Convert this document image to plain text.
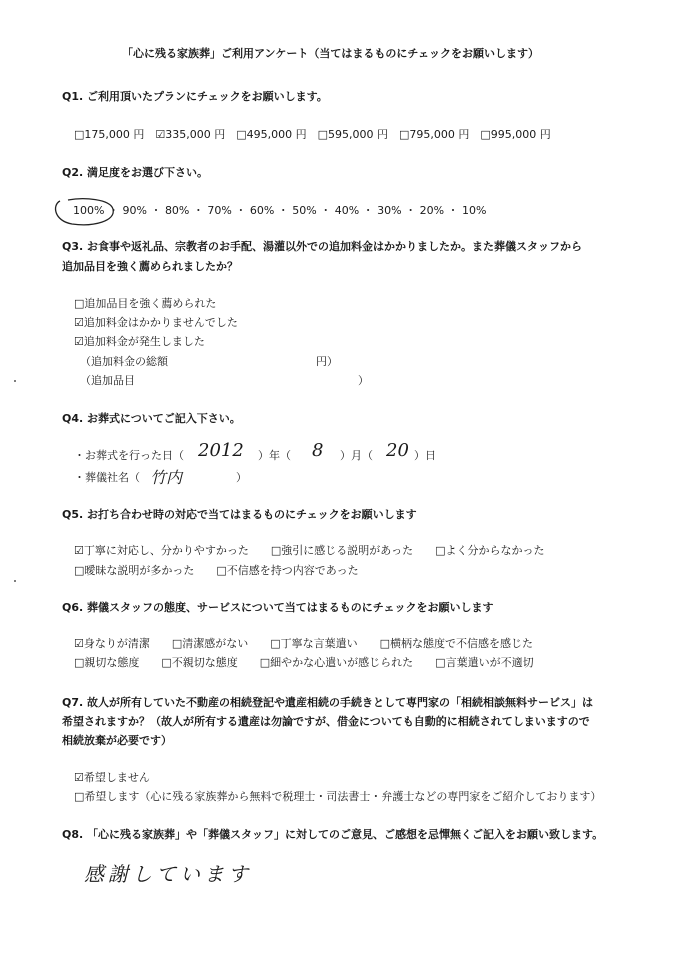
「心に残る家族葬」ご利用アンケート（当てはまるものにチェックをお願いします）
Q1. ご利用頂いたプランにチェックをお願いします。
□175,000 円　☑335,000 円　□495,000 円　□595,000 円　□795,000 円　□995,000 円
Q2. 満足度をお選び下さい。
100% ・ 90% ・ 80% ・ 70% ・ 60% ・ 50% ・ 40% ・ 30% ・ 20% ・ 10%
Q3. お食事や返礼品、宗教者のお手配、湯灌以外での追加料金はかかりましたか。また葬儀スタッフから
追加品目を強く薦められましたか？
□追加品目を強く薦められた
☑追加料金はかかりませんでした
☑追加料金が発生しました
（追加料金の総額	円）
（追加品目	）
Q4. お葬式についてご記入下さい。
・お葬式を行った日（ 2012 ）年（ 8 ）月（ 20 ）日
・葬儀社名（ 竹内	）
Q5. お打ち合わせ時の対応で当てはまるものにチェックをお願いします
☑丁寧に対応し、分かりやすかった　　□強引に感じる説明があった　　□よく分からなかった
□曖昧な説明が多かった　　□不信感を持つ内容であった
Q6. 葬儀スタッフの態度、サービスについて当てはまるものにチェックをお願いします
☑身なりが清潔　　□清潔感がない　　□丁寧な言葉遣い　　□横柄な態度で不信感を感じた
□親切な態度　　□不親切な態度　　□細やかな心遣いが感じられた　　□言葉遣いが不適切
Q7. 故人が所有していた不動産の相続登記や遺産相続の手続きとして専門家の「相続相談無料サービス」は
希望されますか？（故人が所有する遺産は勿論ですが、借金についても自動的に相続されてしまいますので
相続放棄が必要です）
☑希望しません
□希望します（心に残る家族葬から無料で税理士・司法書士・弁護士などの専門家をご紹介しております）
Q8. 「心に残る家族葬」や「葬儀スタッフ」に対してのご意見、ご感想を忌憚無くご記入をお願い致します。
感謝しています
